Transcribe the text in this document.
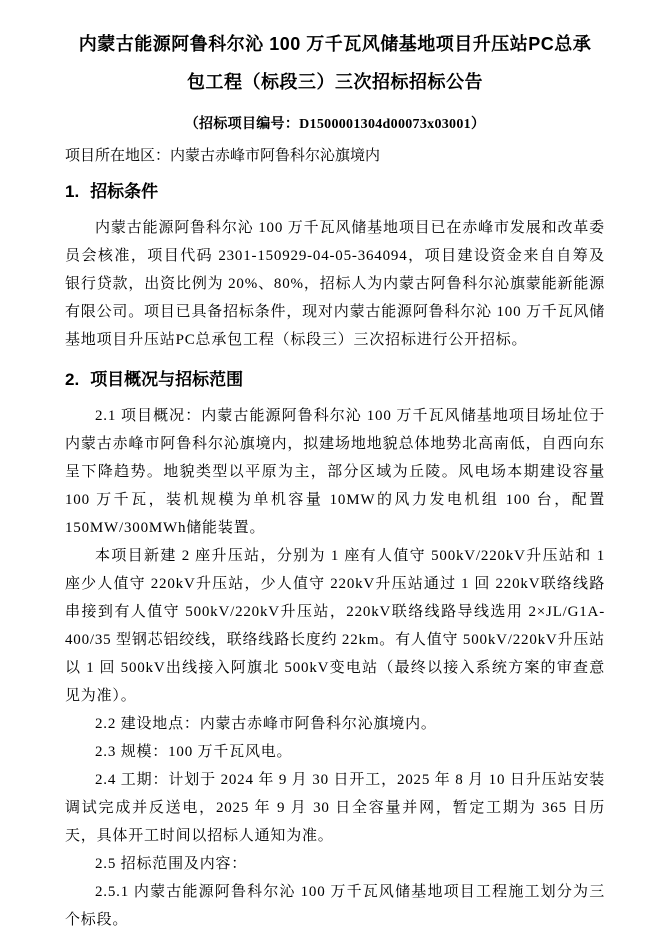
内蒙古能源阿鲁科尔沁 100 万千瓦风储基地项目升压站PC总承
包工程（标段三）三次招标招标公告
（招标项目编号：D1500001304d00073x03001）
项目所在地区：内蒙古赤峰市阿鲁科尔沁旗境内
1. 招标条件

内蒙古能源阿鲁科尔沁 100 万千瓦风储基地项目已在赤峰市发展和改革委员会核准，项目代码 2301-150929-04-05-364094，项目建设资金来自自筹及银行贷款，出资比例为 20%、80%，招标人为内蒙古阿鲁科尔沁旗蒙能新能源有限公司。项目已具备招标条件，现对内蒙古能源阿鲁科尔沁 100 万千瓦风储基地项目升压站PC总承包工程（标段三）三次招标进行公开招标。

2. 项目概况与招标范围

2.1 项目概况：内蒙古能源阿鲁科尔沁 100 万千瓦风储基地项目场址位于内蒙古赤峰市阿鲁科尔沁旗境内，拟建场地地貌总体地势北高南低，自西向东呈下降趋势。地貌类型以平原为主，部分区域为丘陵。风电场本期建设容量 100 万千瓦，装机规模为单机容量 10MW的风力发电机组 100 台，配置 150MW/300MWh储能装置。

本项目新建 2 座升压站，分别为 1 座有人值守 500kV/220kV升压站和 1 座少人值守 220kV升压站，少人值守 220kV升压站通过 1 回 220kV联络线路串接到有人值守 500kV/220kV升压站，220kV联络线路导线选用 2×JL/G1A-400/35 型钢芯铝绞线，联络线路长度约 22km。有人值守 500kV/220kV升压站以 1 回 500kV出线接入阿旗北 500kV变电站（最终以接入系统方案的审查意见为准）。

2.2 建设地点：内蒙古赤峰市阿鲁科尔沁旗境内。

2.3 规模：100 万千瓦风电。

2.4 工期：计划于 2024 年 9 月 30 日开工，2025 年 8 月 10 日升压站安装调试完成并反送电，2025 年 9 月 30 日全容量并网，暂定工期为 365 日历天，具体开工时间以招标人通知为准。

2.5 招标范围及内容：

2.5.1 内蒙古能源阿鲁科尔沁 100 万千瓦风储基地项目工程施工划分为三个标段。
